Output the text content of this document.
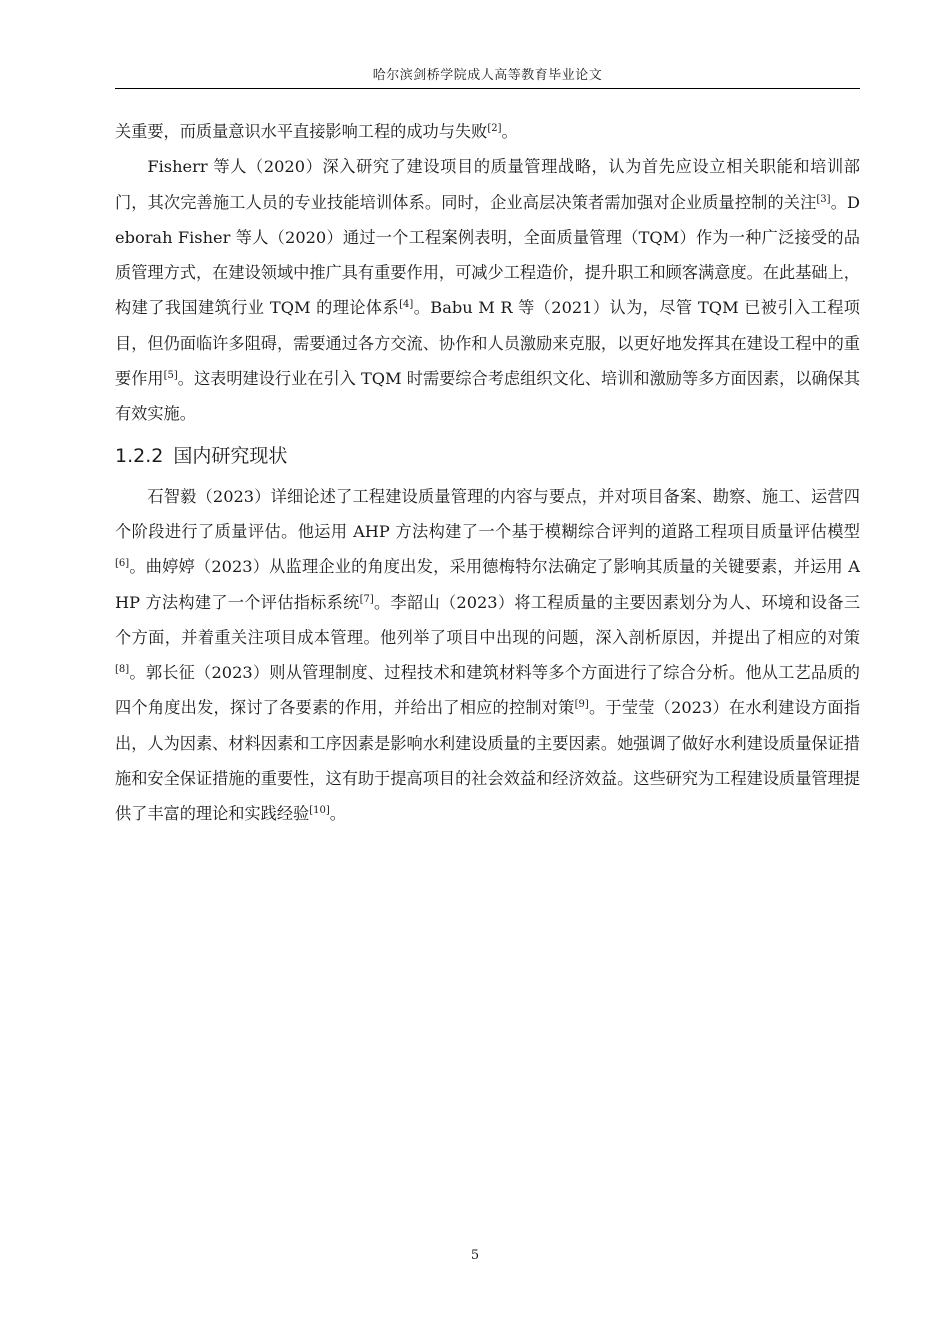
哈尔滨剑桥学院成人高等教育毕业论文

关重要，而质量意识水平直接影响工程的成功与失败[2]。

Fisherr 等人（2020）深入研究了建设项目的质量管理战略，认为首先应设立相关职能和培训部门，其次完善施工人员的专业技能培训体系。同时，企业高层决策者需加强对企业质量控制的关注[3]。Deborah Fisher 等人（2020）通过一个工程案例表明，全面质量管理（TQM）作为一种广泛接受的品质管理方式，在建设领域中推广具有重要作用，可减少工程造价，提升职工和顾客满意度。在此基础上，构建了我国建筑行业 TQM 的理论体系[4]。Babu M R 等（2021）认为，尽管 TQM 已被引入工程项目，但仍面临许多阻碍，需要通过各方交流、协作和人员激励来克服，以更好地发挥其在建设工程中的重要作用[5]。这表明建设行业在引入 TQM 时需要综合考虑组织文化、培训和激励等多方面因素，以确保其有效实施。

1.2.2 国内研究现状

石智毅（2023）详细论述了工程建设质量管理的内容与要点，并对项目备案、勘察、施工、运营四个阶段进行了质量评估。他运用 AHP 方法构建了一个基于模糊综合评判的道路工程项目质量评估模型[6]。曲婷婷（2023）从监理企业的角度出发，采用德梅特尔法确定了影响其质量的关键要素，并运用 AHP 方法构建了一个评估指标系统[7]。李韶山（2023）将工程质量的主要因素划分为人、环境和设备三个方面，并着重关注项目成本管理。他列举了项目中出现的问题，深入剖析原因，并提出了相应的对策[8]。郭长征（2023）则从管理制度、过程技术和建筑材料等多个方面进行了综合分析。他从工艺品质的四个角度出发，探讨了各要素的作用，并给出了相应的控制对策[9]。于莹莹（2023）在水利建设方面指出，人为因素、材料因素和工序因素是影响水利建设质量的主要因素。她强调了做好水利建设质量保证措施和安全保证措施的重要性，这有助于提高项目的社会效益和经济效益。这些研究为工程建设质量管理提供了丰富的理论和实践经验[10]。

5
